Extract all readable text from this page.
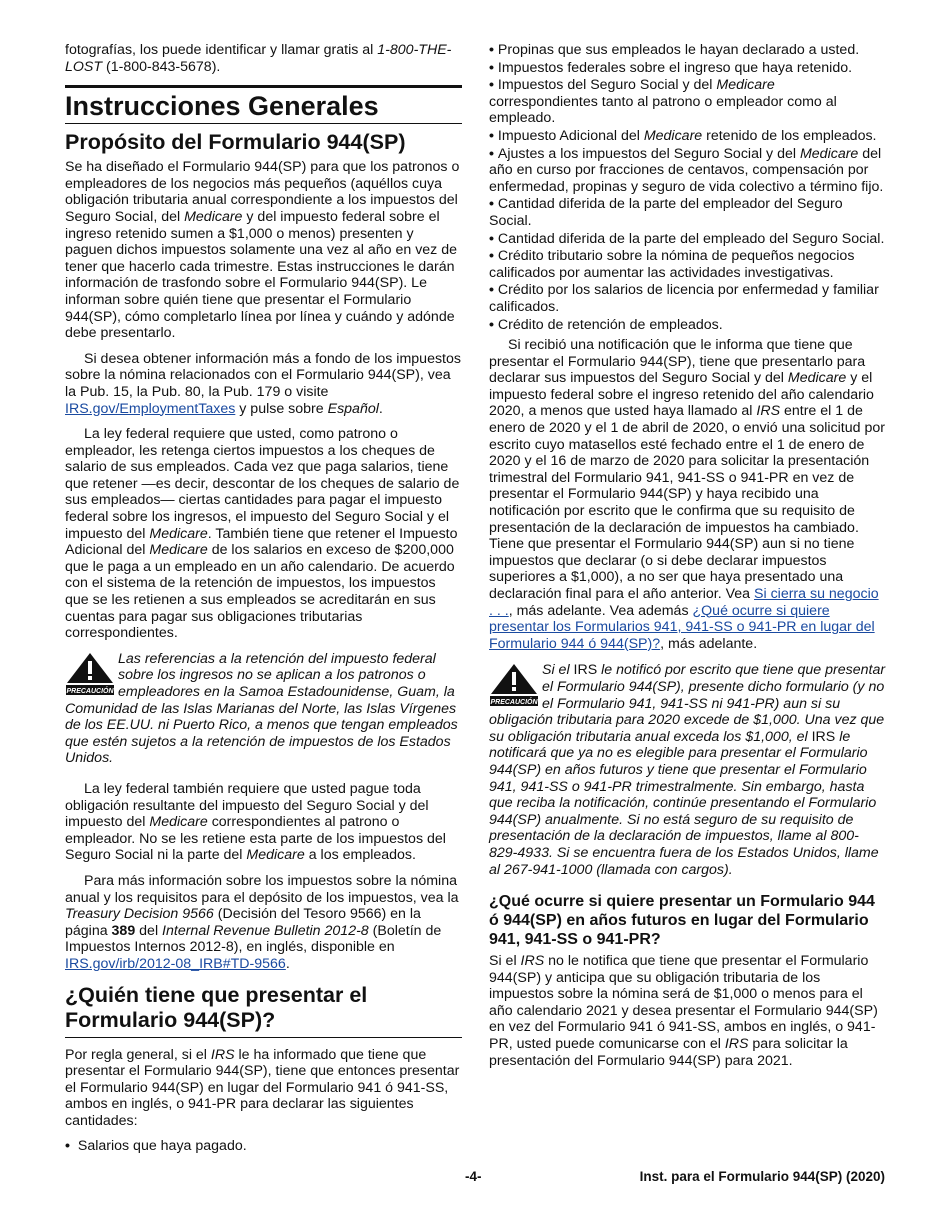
fotografías, los puede identificar y llamar gratis al 1-800-THE-LOST (1-800-843-5678).

Instrucciones Generales
Propósito del Formulario 944(SP)

Se ha diseñado el Formulario 944(SP) para que los patronos o empleadores de los negocios más pequeños (aquéllos cuya obligación tributaria anual correspondiente a los impuestos del Seguro Social, del Medicare y del impuesto federal sobre el ingreso retenido sumen a $1,000 o menos) presenten y paguen dichos impuestos solamente una vez al año en vez de tener que hacerlo cada trimestre. Estas instrucciones le darán información de trasfondo sobre el Formulario 944(SP). Le informan sobre quién tiene que presentar el Formulario 944(SP), cómo completarlo línea por línea y cuándo y adónde debe presentarlo.

Si desea obtener información más a fondo de los impuestos sobre la nómina relacionados con el Formulario 944(SP), vea la Pub. 15, la Pub. 80, la Pub. 179 o visite IRS.gov/EmploymentTaxes y pulse sobre Español.

La ley federal requiere que usted, como patrono o empleador, les retenga ciertos impuestos a los cheques de salario de sus empleados. Cada vez que paga salarios, tiene que retener —es decir, descontar de los cheques de salario de sus empleados— ciertas cantidades para pagar el impuesto federal sobre los ingresos, el impuesto del Seguro Social y el impuesto del Medicare. También tiene que retener el Impuesto Adicional del Medicare de los salarios en exceso de $200,000 que le paga a un empleado en un año calendario. De acuerdo con el sistema de la retención de impuestos, los impuestos que se les retienen a sus empleados se acreditarán en sus cuentas para pagar sus obligaciones tributarias correspondientes.

PRECAUCIÓN
Las referencias a la retención del impuesto federal sobre los ingresos no se aplican a los patronos o empleadores en la Samoa Estadounidense, Guam, la Comunidad de las Islas Marianas del Norte, las Islas Vírgenes de los EE.UU. ni Puerto Rico, a menos que tengan empleados que estén sujetos a la retención de impuestos de los Estados Unidos.

La ley federal también requiere que usted pague toda obligación resultante del impuesto del Seguro Social y del impuesto del Medicare correspondientes al patrono o empleador. No se les retiene esta parte de los impuestos del Seguro Social ni la parte del Medicare a los empleados.

Para más información sobre los impuestos sobre la nómina anual y los requisitos para el depósito de los impuestos, vea la Treasury Decision 9566 (Decisión del Tesoro 9566) en la página 389 del Internal Revenue Bulletin 2012-8 (Boletín de Impuestos Internos 2012-8), en inglés, disponible en IRS.gov/irb/2012-08_IRB#TD-9566.

¿Quién tiene que presentar el Formulario 944(SP)?

Por regla general, si el IRS le ha informado que tiene que presentar el Formulario 944(SP), tiene que entonces presentar el Formulario 944(SP) en lugar del Formulario 941 ó 941-SS, ambos en inglés, o 941-PR para declarar las siguientes cantidades:

• Salarios que haya pagado.
• Propinas que sus empleados le hayan declarado a usted.
• Impuestos federales sobre el ingreso que haya retenido.
• Impuestos del Seguro Social y del Medicare correspondientes tanto al patrono o empleador como al empleado.
• Impuesto Adicional del Medicare retenido de los empleados.
• Ajustes a los impuestos del Seguro Social y del Medicare del año en curso por fracciones de centavos, compensación por enfermedad, propinas y seguro de vida colectivo a término fijo.
• Cantidad diferida de la parte del empleador del Seguro Social.
• Cantidad diferida de la parte del empleado del Seguro Social.
• Crédito tributario sobre la nómina de pequeños negocios calificados por aumentar las actividades investigativas.
• Crédito por los salarios de licencia por enfermedad y familiar calificados.
• Crédito de retención de empleados.

Si recibió una notificación que le informa que tiene que presentar el Formulario 944(SP), tiene que presentarlo para declarar sus impuestos del Seguro Social y del Medicare y el impuesto federal sobre el ingreso retenido del año calendario 2020, a menos que usted haya llamado al IRS entre el 1 de enero de 2020 y el 1 de abril de 2020, o envió una solicitud por escrito cuyo matasellos esté fechado entre el 1 de enero de 2020 y el 16 de marzo de 2020 para solicitar la presentación trimestral del Formulario 941, 941-SS o 941-PR en vez de presentar el Formulario 944(SP) y haya recibido una notificación por escrito que le confirma que su requisito de presentación de la declaración de impuestos ha cambiado. Tiene que presentar el Formulario 944(SP) aun si no tiene impuestos que declarar (o si debe declarar impuestos superiores a $1,000), a no ser que haya presentado una declaración final para el año anterior. Vea Si cierra su negocio . . ., más adelante. Vea además ¿Qué ocurre si quiere presentar los Formularios 941, 941-SS o 941-PR en lugar del Formulario 944 ó 944(SP)?, más adelante.

PRECAUCIÓN
Si el IRS le notificó por escrito que tiene que presentar el Formulario 944(SP), presente dicho formulario (y no el Formulario 941, 941-SS ni 941-PR) aun si su obligación tributaria para 2020 excede de $1,000. Una vez que su obligación tributaria anual exceda los $1,000, el IRS le notificará que ya no es elegible para presentar el Formulario 944(SP) en años futuros y tiene que presentar el Formulario 941, 941-SS o 941-PR trimestralmente. Sin embargo, hasta que reciba la notificación, continúe presentando el Formulario 944(SP) anualmente. Si no está seguro de su requisito de presentación de la declaración de impuestos, llame al 800-829-4933. Si se encuentra fuera de los Estados Unidos, llame al 267-941-1000 (llamada con cargos).
¿Qué ocurre si quiere presentar un Formulario 944 ó 944(SP) en años futuros en lugar del Formulario 941, 941-SS o 941-PR?

Si el IRS no le notifica que tiene que presentar el Formulario 944(SP) y anticipa que su obligación tributaria de los impuestos sobre la nómina será de $1,000 o menos para el año calendario 2021 y desea presentar el Formulario 944(SP) en vez del Formulario 941 ó 941-SS, ambos en inglés, o 941-PR, usted puede comunicarse con el IRS para solicitar la presentación del Formulario 944(SP) para 2021.

-4-	Inst. para el Formulario 944(SP) (2020)
